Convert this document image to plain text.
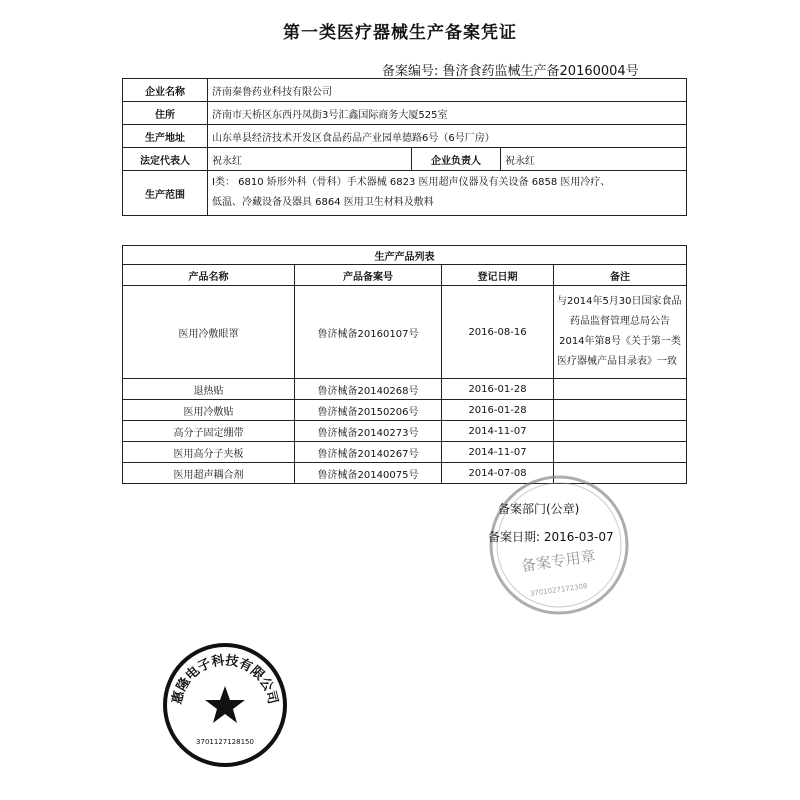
第一类医疗器械生产备案凭证
备案编号: 鲁济食药监械生产备20160004号
企业名称	济南秦鲁药业科技有限公司		
住所	济南市天桥区东西丹凤街3号汇鑫国际商务大厦525室		
生产地址	山东单县经济技术开发区食品药品产业园单德路6号（6号厂房）		
法定代表人	祝永红	企业负责人	祝永红
生产范围	Ⅰ类： 6810 矫形外科（骨科）手术器械 6823 医用超声仪器及有关设备 6858 医用冷疗、
低温、冷藏设备及器具 6864 医用卫生材料及敷料		
生产产品列表			
产品名称	产品备案号	登记日期	备注
医用冷敷眼罩	鲁济械备20160107号	2016-08-16	与2014年5月30日国家食品
药品监督管理总局公告
2014年第8号《关于第一类
医疗器械产品目录表》一致

退热贴	鲁济械备20140268号	2016-01-28	
医用冷敷贴	鲁济械备20150206号	2016-01-28	
高分子固定绷带	鲁济械备20140273号	2014-11-07	
医用高分子夹板	鲁济械备20140267号	2014-11-07	
医用超声耦合剂	鲁济械备20140075号	2014-07-08	
备案专用章
3701027172308
备案部门(公章)
备案日期: 2016-03-07
惠隆电子科技有限公司
3701127128150
